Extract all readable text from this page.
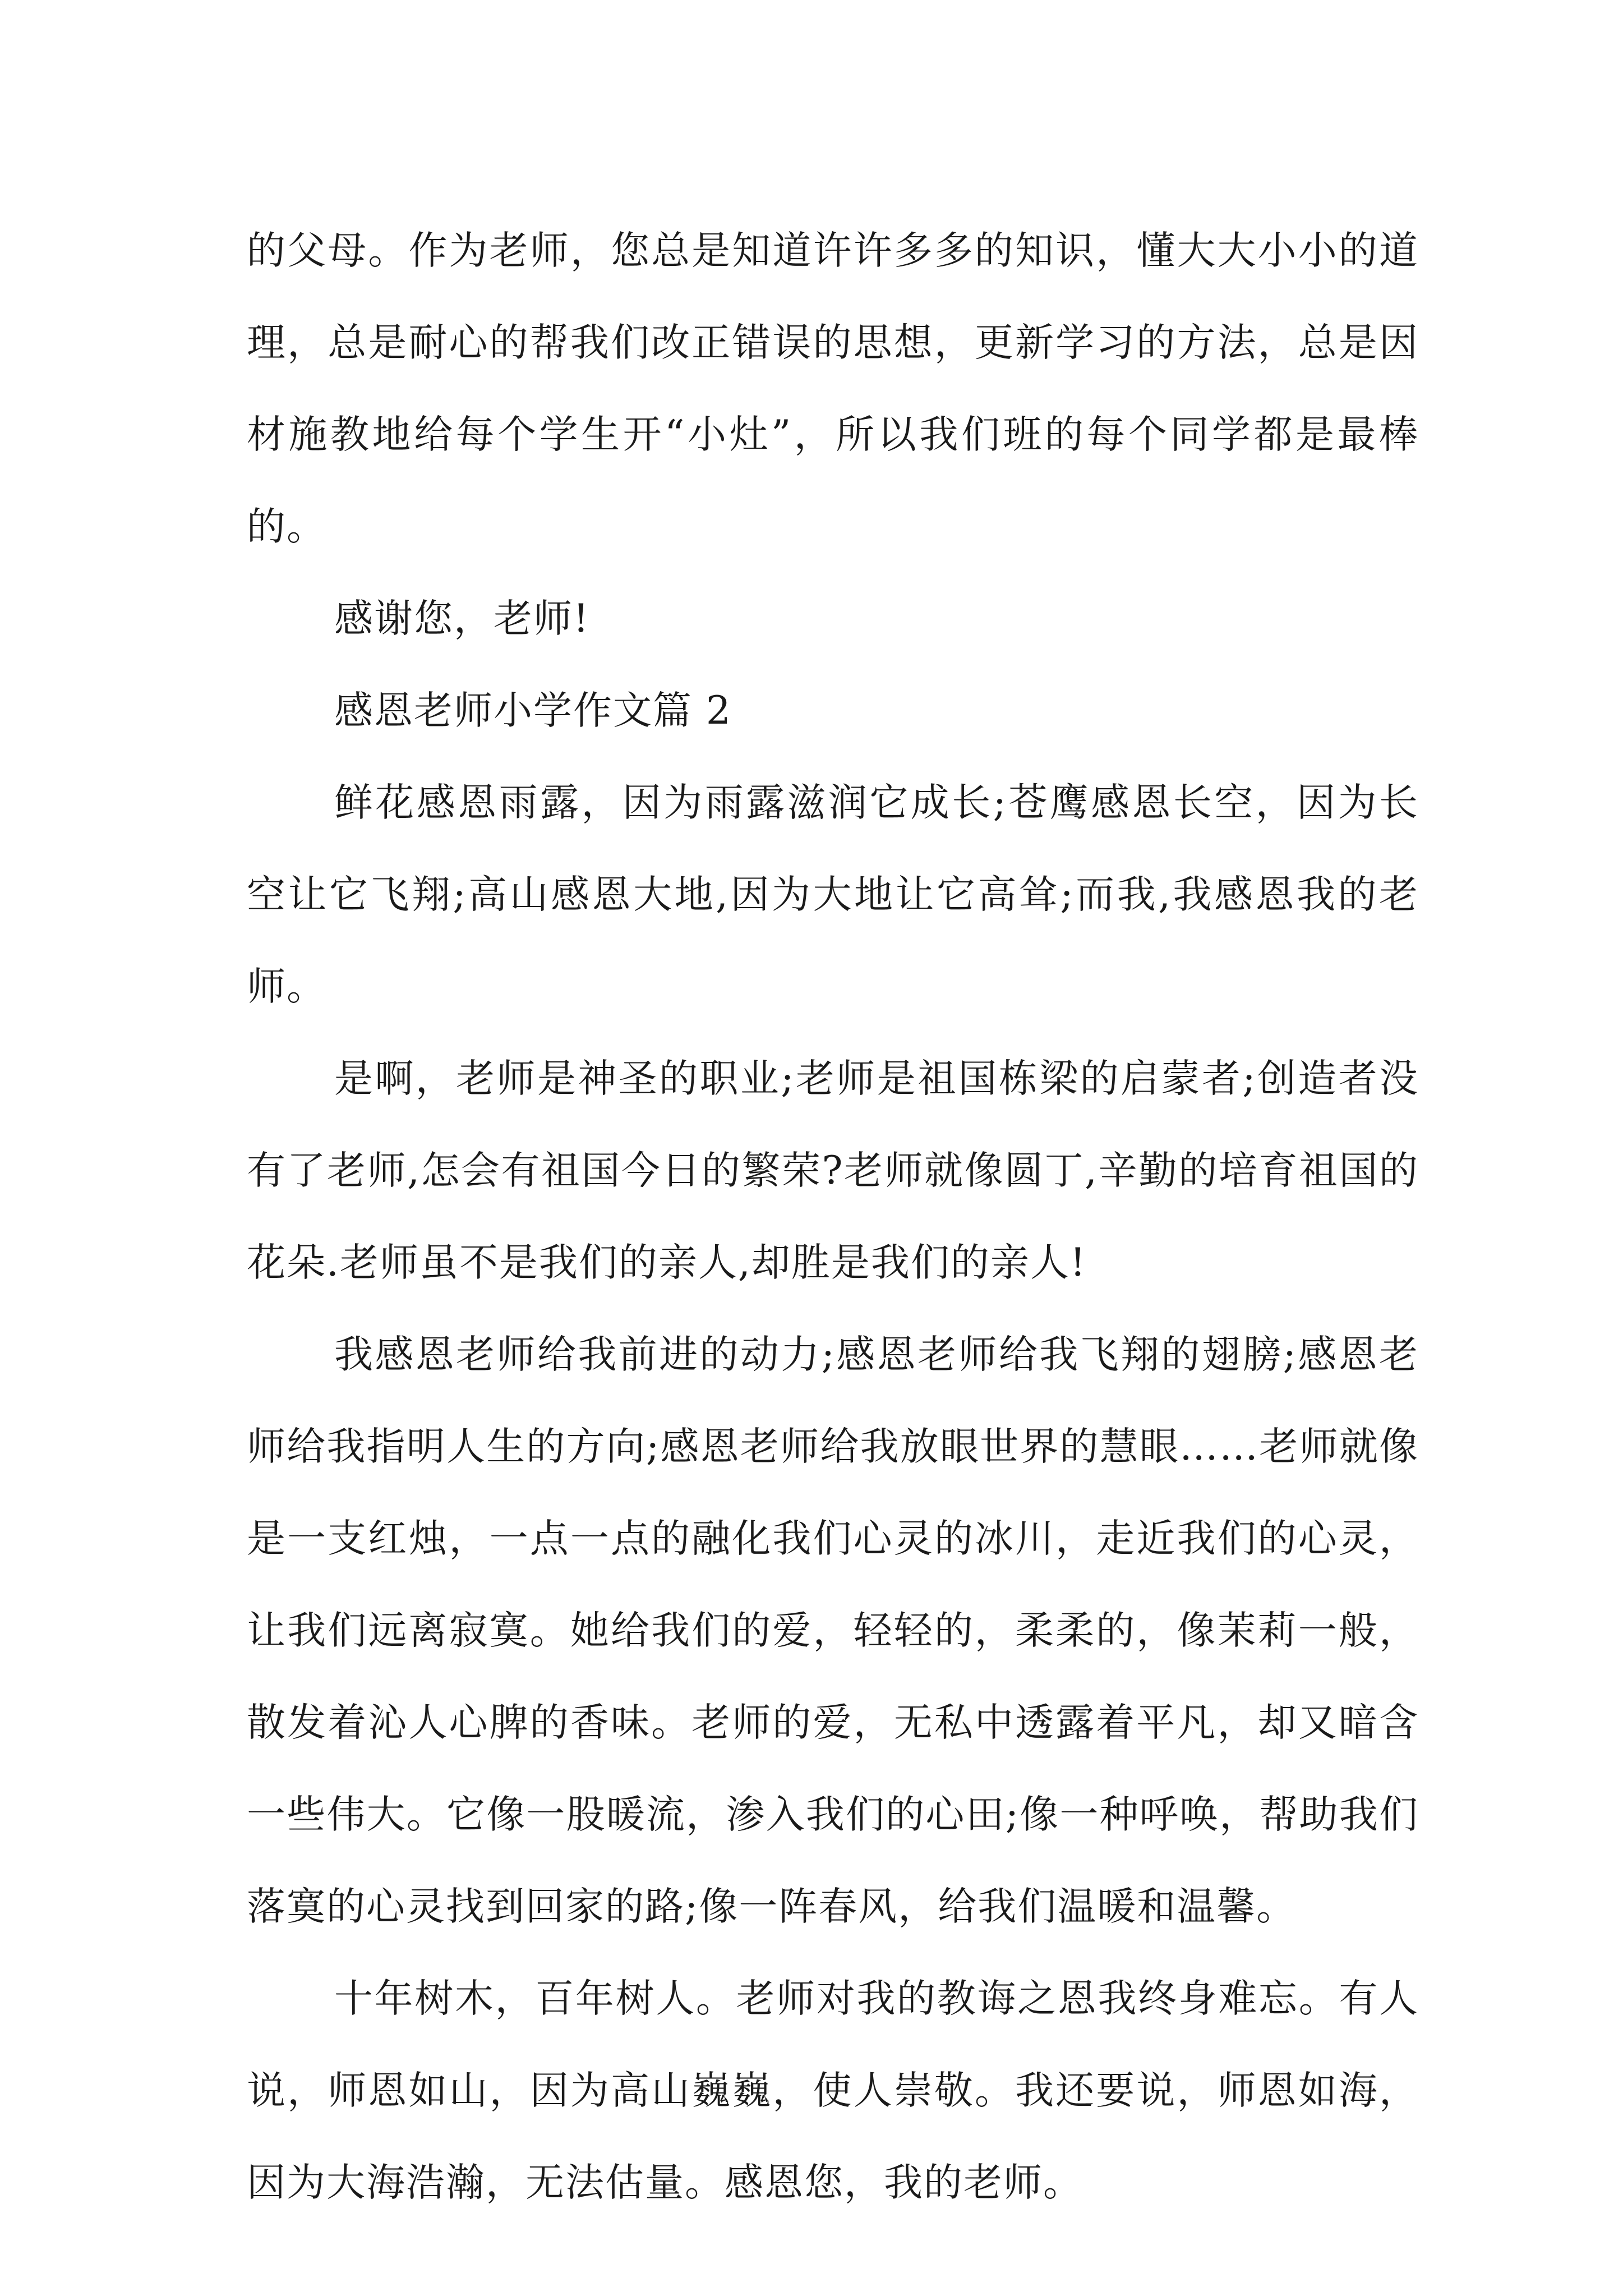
的父母。作为老师，您总是知道许许多多的知识，懂大大小小的道理，总是耐心的帮我们改正错误的思想，更新学习的方法，总是因材施教地给每个学生开“小灶”，所以我们班的每个同学都是最棒的。

感谢您，老师!

感恩老师小学作文篇 2

鲜花感恩雨露，因为雨露滋润它成长;苍鹰感恩长空，因为长空让它飞翔;高山感恩大地,因为大地让它高耸;而我,我感恩我的老师。

是啊，老师是神圣的职业;老师是祖国栋梁的启蒙者;创造者没有了老师,怎会有祖国今日的繁荣?老师就像圆丁,辛勤的培育祖国的花朵.老师虽不是我们的亲人,却胜是我们的亲人!

我感恩老师给我前进的动力;感恩老师给我飞翔的翅膀;感恩老师给我指明人生的方向;感恩老师给我放眼世界的慧眼……老师就像是一支红烛，一点一点的融化我们心灵的冰川，走近我们的心灵，让我们远离寂寞。她给我们的爱，轻轻的，柔柔的，像茉莉一般，散发着沁人心脾的香味。老师的爱，无私中透露着平凡，却又暗含一些伟大。它像一股暖流，渗入我们的心田;像一种呼唤，帮助我们落寞的心灵找到回家的路;像一阵春风，给我们温暖和温馨。

十年树木，百年树人。老师对我的教诲之恩我终身难忘。有人说，师恩如山，因为高山巍巍，使人崇敬。我还要说，师恩如海，因为大海浩瀚，无法估量。感恩您，我的老师。
